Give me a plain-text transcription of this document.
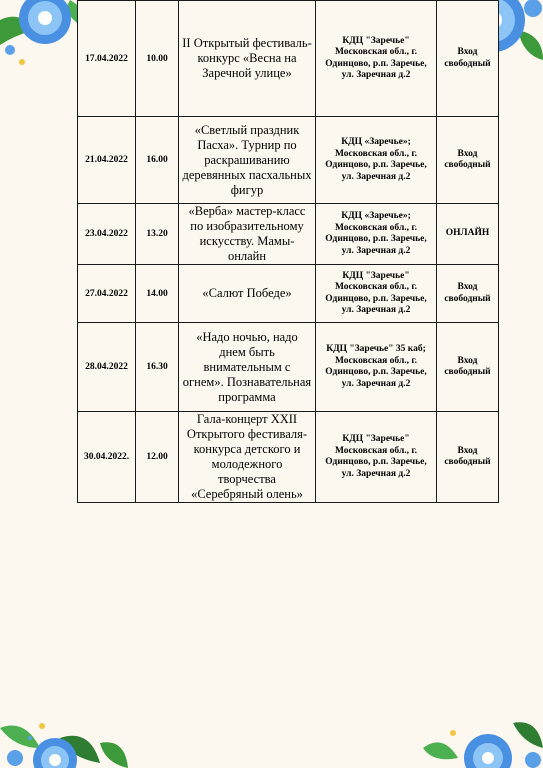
17.04.2022	10.00	II Открытый фестиваль-конкурс «Весна на Заречной улице»	КДЦ "Заречье" Московская обл., г. Одинцово, р.п. Заречье, ул. Заречная д.2	Вход свободный
21.04.2022	16.00	«Светлый праздник Пасха». Турнир по раскрашиванию деревянных пасхальных фигур	КДЦ «Заречье»; Московская обл., г. Одинцово, р.п. Заречье, ул. Заречная д.2	Вход свободный
23.04.2022	13.20	«Верба» мастер-класс по изобразительному искусству. Мамы-онлайн	КДЦ «Заречье»; Московская обл., г. Одинцово, р.п. Заречье, ул. Заречная д.2	ОНЛАЙН
27.04.2022	14.00	«Салют Победе»	КДЦ "Заречье" Московская обл., г. Одинцово, р.п. Заречье, ул. Заречная д.2	Вход свободный
28.04.2022	16.30	«Надо ночью, надо днем быть внимательным с огнем». Познавательная программа	КДЦ "Заречье" 35 каб; Московская обл., г. Одинцово, р.п. Заречье, ул. Заречная д.2	Вход свободный
30.04.2022.	12.00	Гала-концерт XXII Открытого фестиваля-конкурса детского и молодежного творчества «Серебряный олень»	КДЦ "Заречье" Московская обл., г. Одинцово, р.п. Заречье, ул. Заречная д.2	Вход свободный
